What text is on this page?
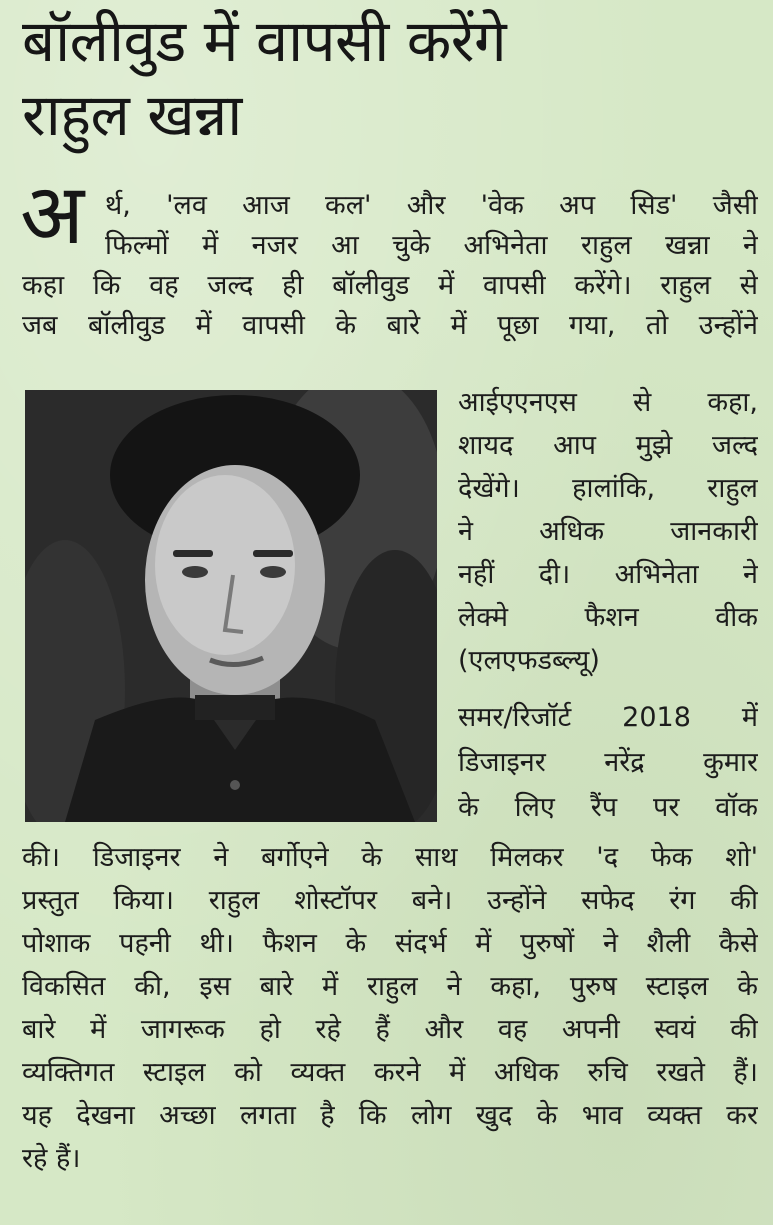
बॉलीवुड में वापसी करेंगे
राहुल खन्ना
अ र्थ, 'लव आज कल' और 'वेक अप सिड' जैसी
फिल्मों में नजर आ चुके अभिनेता राहुल खन्ना ने
कहा कि वह जल्द ही बॉलीवुड में वापसी करेंगे। राहुल से
जब बॉलीवुड में वापसी के बारे में पूछा गया, तो उन्होंने
आईएएनएस से कहा,
शायद आप मुझे जल्द
देखेंगे। हालांकि, राहुल
ने अधिक जानकारी
नहीं दी। अभिनेता ने
लेक्मे फैशन वीक
(एलएफडब्ल्यू)
समर/रिजॉर्ट 2018 में
डिजाइनर नरेंद्र कुमार
के लिए रैंप पर वॉक
की। डिजाइनर ने बर्गोएने के साथ मिलकर 'द फेक शो'
प्रस्तुत किया। राहुल शोस्टॉपर बने। उन्होंने सफेद रंग की
पोशाक पहनी थी। फैशन के संदर्भ में पुरुषों ने शैली कैसे
विकसित की, इस बारे में राहुल ने कहा, पुरुष स्टाइल के
बारे में जागरूक हो रहे हैं और वह अपनी स्वयं की
व्यक्तिगत स्टाइल को व्यक्त करने में अधिक रुचि रखते हैं।
यह देखना अच्छा लगता है कि लोग खुद के भाव व्यक्त कर
रहे हैं।
